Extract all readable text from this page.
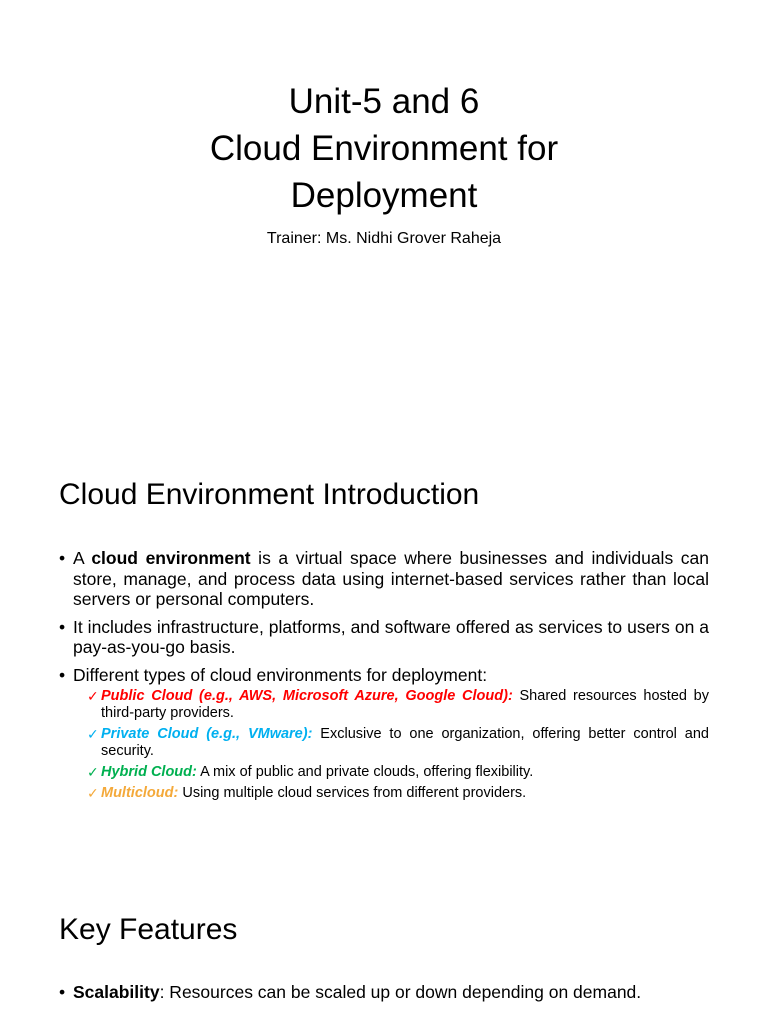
Unit-5 and 6
Cloud Environment for
Deployment
Trainer: Ms. Nidhi Grover Raheja
Cloud Environment Introduction
• A cloud environment is a virtual space where businesses and individuals can store, manage, and process data using internet-based services rather than local servers or personal computers.
• It includes infrastructure, platforms, and software offered as services to users on a pay-as-you-go basis.
• Different types of cloud environments for deployment:
✓ Public Cloud (e.g., AWS, Microsoft Azure, Google Cloud): Shared resources hosted by third-party providers.
✓ Private Cloud (e.g., VMware): Exclusive to one organization, offering better control and security.
✓ Hybrid Cloud: A mix of public and private clouds, offering flexibility.
✓ Multicloud: Using multiple cloud services from different providers.
Key Features
• Scalability: Resources can be scaled up or down depending on demand.
